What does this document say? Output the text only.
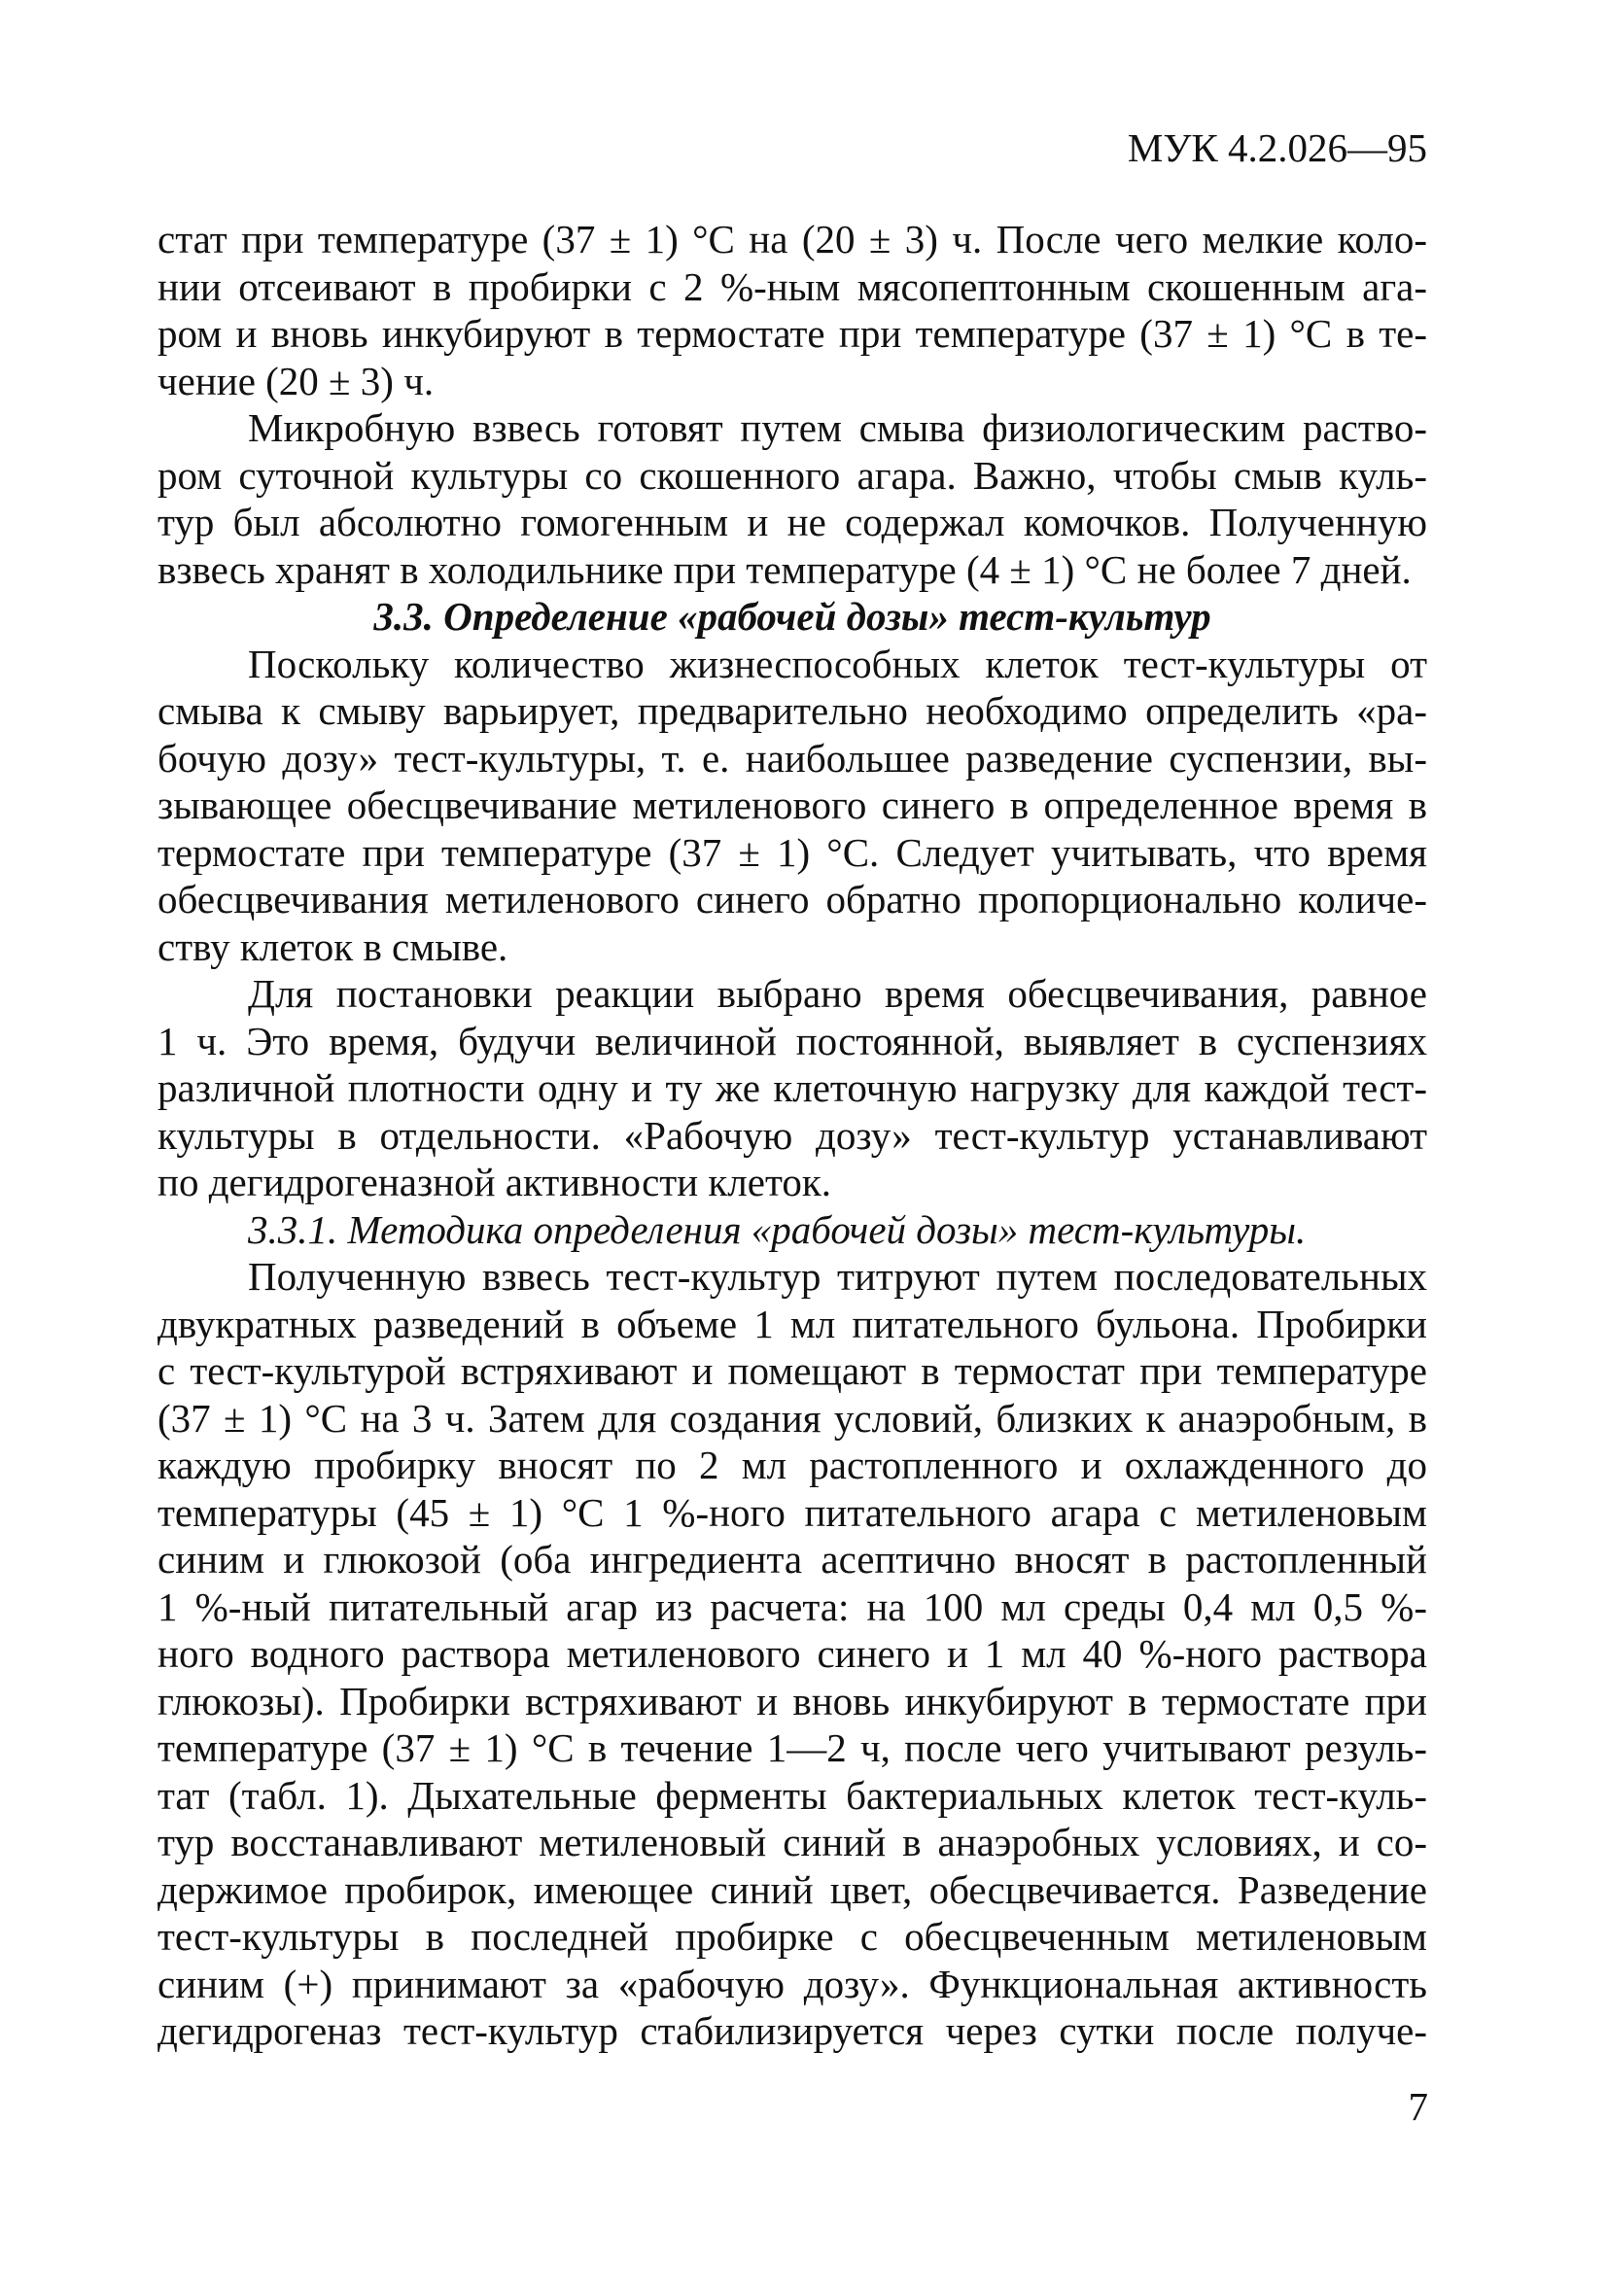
МУК 4.2.026—95
стат при температуре (37 ± 1) °С на (20 ± 3) ч. После чего мелкие коло-
нии отсеивают в пробирки с 2 %-ным мясопептонным скошенным ага-
ром и вновь инкубируют в термостате при температуре (37 ± 1) °С в те-
чение (20 ± 3) ч.
Микробную взвесь готовят путем смыва физиологическим раство-
ром суточной культуры со скошенного агара. Важно, чтобы смыв куль-
тур был абсолютно гомогенным и не содержал комочков. Полученную
взвесь хранят в холодильнике при температуре (4 ± 1) °С не более 7 дней.
3.3. Определение «рабочей дозы» тест-культур
Поскольку количество жизнеспособных клеток тест-культуры от
смыва к смыву варьирует, предварительно необходимо определить «ра-
бочую дозу» тест-культуры, т. е. наибольшее разведение суспензии, вы-
зывающее обесцвечивание метиленового синего в определенное время в
термостате при температуре (37 ± 1) °С. Следует учитывать, что время
обесцвечивания метиленового синего обратно пропорционально количе-
ству клеток в смыве.
Для постановки реакции выбрано время обесцвечивания, равное
1 ч. Это время, будучи величиной постоянной, выявляет в суспензиях
различной плотности одну и ту же клеточную нагрузку для каждой тест-
культуры в отдельности. «Рабочую дозу» тест-культур устанавливают
по дегидрогеназной активности клеток.
3.3.1. Методика определения «рабочей дозы» тест-культуры.
Полученную взвесь тест-культур титруют путем последовательных
двукратных разведений в объеме 1 мл питательного бульона. Пробирки
с тест-культурой встряхивают и помещают в термостат при температуре
(37 ± 1) °С на 3 ч. Затем для создания условий, близких к анаэробным, в
каждую пробирку вносят по 2 мл растопленного и охлажденного до
температуры (45 ± 1) °С 1 %-ного питательного агара с метиленовым
синим и глюкозой (оба ингредиента асептично вносят в растопленный
1 %-ный питательный агар из расчета: на 100 мл среды 0,4 мл 0,5 %-
ного водного раствора метиленового синего и 1 мл 40 %-ного раствора
глюкозы). Пробирки встряхивают и вновь инкубируют в термостате при
температуре (37 ± 1) °С в течение 1—2 ч, после чего учитывают резуль-
тат (табл. 1). Дыхательные ферменты бактериальных клеток тест-куль-
тур восстанавливают метиленовый синий в анаэробных условиях, и со-
держимое пробирок, имеющее синий цвет, обесцвечивается. Разведение
тест-культуры в последней пробирке с обесцвеченным метиленовым
синим (+) принимают за «рабочую дозу». Функциональная активность
дегидрогеназ тест-культур стабилизируется через сутки после получе-
7
